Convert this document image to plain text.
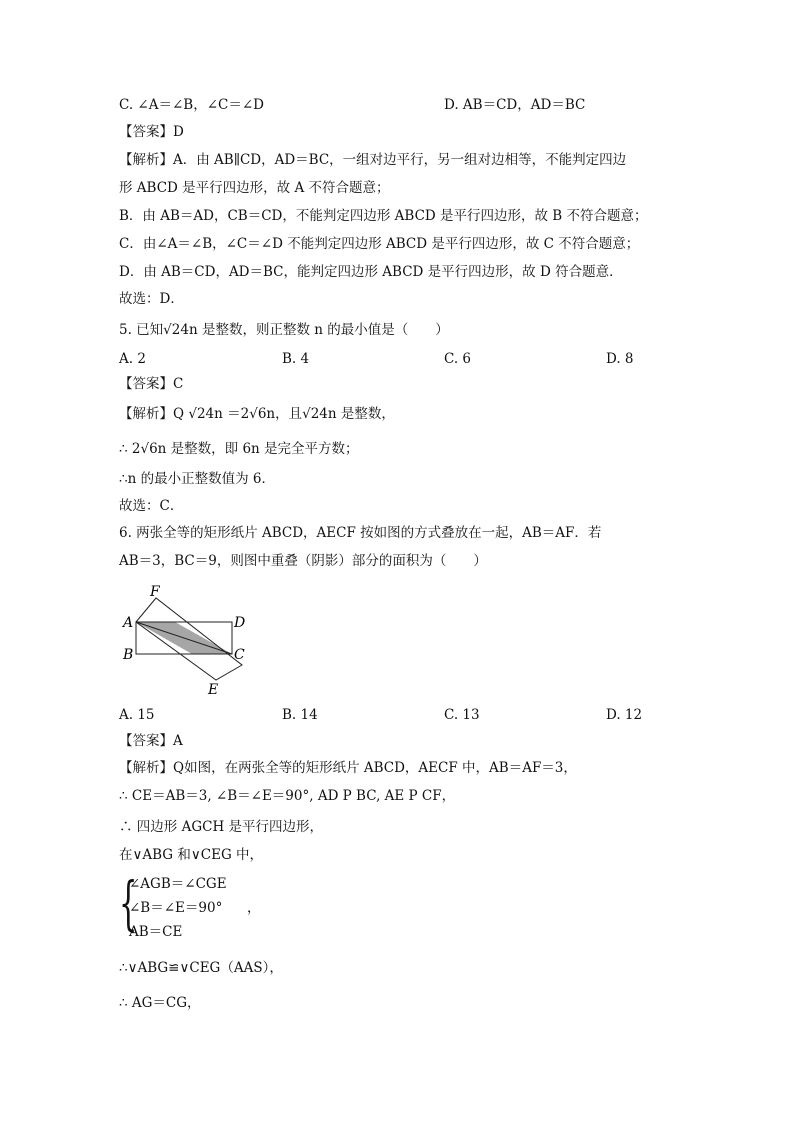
C. ∠A＝∠B，∠C＝∠D	D. AB＝CD，AD＝BC
【答案】D
【解析】A．由 AB∥CD，AD＝BC，一组对边平行，另一组对边相等，不能判定四边
形 ABCD 是平行四边形，故 A 不符合题意；
B．由 AB＝AD，CB＝CD，不能判定四边形 ABCD 是平行四边形，故 B 不符合题意；
C．由∠A＝∠B，∠C＝∠D 不能判定四边形 ABCD 是平行四边形，故 C 不符合题意；
D．由 AB＝CD，AD＝BC，能判定四边形 ABCD 是平行四边形，故 D 符合题意．
故选：D．
5. 已知√24n 是整数，则正整数 n 的最小值是（　　）
A. 2	B. 4	C. 6	D. 8
【答案】C
【解析】Q √24n ＝2√6n，且√24n 是整数，
∴ 2√6n 是整数，即 6n 是完全平方数；
∴n 的最小正整数值为 6．
故选：C．
6. 两张全等的矩形纸片 ABCD，AECF 按如图的方式叠放在一起，AB＝AF．若
AB＝3，BC＝9，则图中重叠（阴影）部分的面积为（　　）
F
A	D
B	C
E
A. 15	B. 14	C. 13	D. 12
【答案】A
【解析】Q如图，在两张全等的矩形纸片 ABCD，AECF 中，AB＝AF＝3，
∴ CE＝AB＝3, ∠B＝∠E＝90°, AD P BC, AE P CF，
∴ 四边形 AGCH 是平行四边形，
在∨ABG 和∨CEG 中，
{
∠AGB＝∠CGE
∠B＝∠E＝90°
AB＝CE
，
∴∨ABG≌∨CEG（AAS），
∴ AG＝CG，
